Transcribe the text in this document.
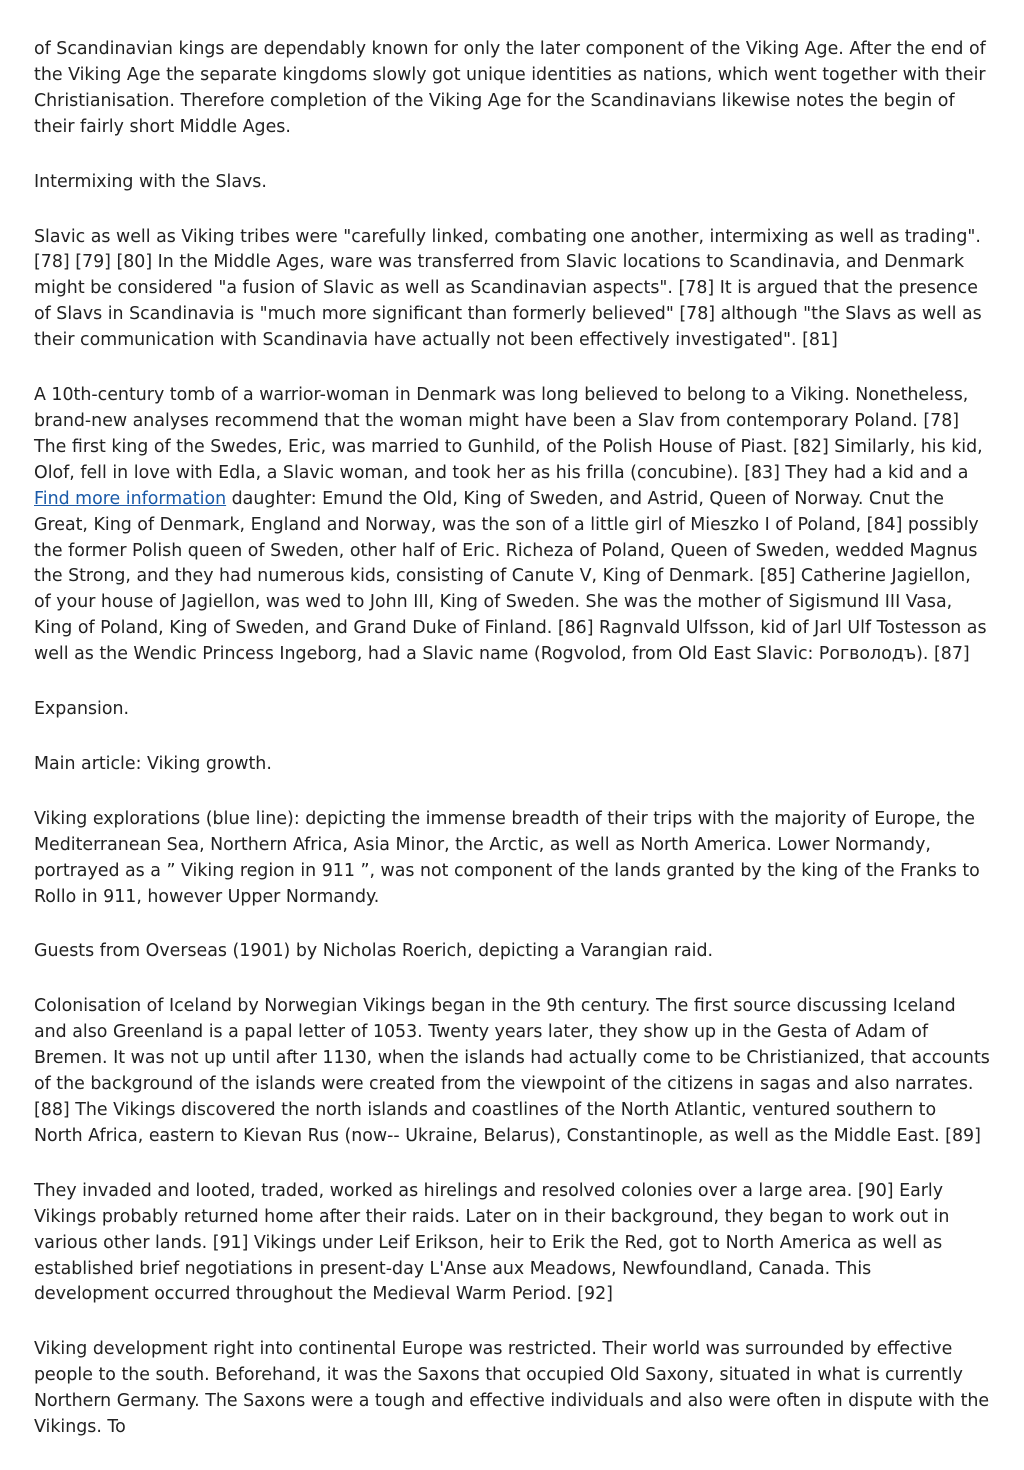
of Scandinavian kings are dependably known for only the later component of the Viking Age. After the end of the Viking Age the separate kingdoms slowly got unique identities as nations, which went together with their Christianisation. Therefore completion of the Viking Age for the Scandinavians likewise notes the begin of their fairly short Middle Ages.

Intermixing with the Slavs.

Slavic as well as Viking tribes were "carefully linked, combating one another, intermixing as well as trading". [78] [79] [80] In the Middle Ages, ware was transferred from Slavic locations to Scandinavia, and Denmark might be considered "a fusion of Slavic as well as Scandinavian aspects". [78] It is argued that the presence of Slavs in Scandinavia is "much more significant than formerly believed" [78] although "the Slavs as well as their communication with Scandinavia have actually not been effectively investigated". [81]

A 10th-century tomb of a warrior-woman in Denmark was long believed to belong to a Viking. Nonetheless, brand-new analyses recommend that the woman might have been a Slav from contemporary Poland. [78] The first king of the Swedes, Eric, was married to Gunhild, of the Polish House of Piast. [82] Similarly, his kid, Olof, fell in love with Edla, a Slavic woman, and took her as his frilla (concubine). [83] They had a kid and a Find more information daughter: Emund the Old, King of Sweden, and Astrid, Queen of Norway. Cnut the Great, King of Denmark, England and Norway, was the son of a little girl of Mieszko I of Poland, [84] possibly the former Polish queen of Sweden, other half of Eric. Richeza of Poland, Queen of Sweden, wedded Magnus the Strong, and they had numerous kids, consisting of Canute V, King of Denmark. [85] Catherine Jagiellon, of your house of Jagiellon, was wed to John III, King of Sweden. She was the mother of Sigismund III Vasa, King of Poland, King of Sweden, and Grand Duke of Finland. [86] Ragnvald Ulfsson, kid of Jarl Ulf Tostesson as well as the Wendic Princess Ingeborg, had a Slavic name (Rogvolod, from Old East Slavic: Рогволодъ). [87]

Expansion.

Main article: Viking growth.

Viking explorations (blue line): depicting the immense breadth of their trips with the majority of Europe, the Mediterranean Sea, Northern Africa, Asia Minor, the Arctic, as well as North America. Lower Normandy, portrayed as a ” Viking region in 911 ”, was not component of the lands granted by the king of the Franks to Rollo in 911, however Upper Normandy.

Guests from Overseas (1901) by Nicholas Roerich, depicting a Varangian raid.

Colonisation of Iceland by Norwegian Vikings began in the 9th century. The first source discussing Iceland and also Greenland is a papal letter of 1053. Twenty years later, they show up in the Gesta of Adam of Bremen. It was not up until after 1130, when the islands had actually come to be Christianized, that accounts of the background of the islands were created from the viewpoint of the citizens in sagas and also narrates. [88] The Vikings discovered the north islands and coastlines of the North Atlantic, ventured southern to North Africa, eastern to Kievan Rus (now-- Ukraine, Belarus), Constantinople, as well as the Middle East. [89]

They invaded and looted, traded, worked as hirelings and resolved colonies over a large area. [90] Early Vikings probably returned home after their raids. Later on in their background, they began to work out in various other lands. [91] Vikings under Leif Erikson, heir to Erik the Red, got to North America as well as established brief negotiations in present-day L'Anse aux Meadows, Newfoundland, Canada. This development occurred throughout the Medieval Warm Period. [92]

Viking development right into continental Europe was restricted. Their world was surrounded by effective people to the south. Beforehand, it was the Saxons that occupied Old Saxony, situated in what is currently Northern Germany. The Saxons were a tough and effective individuals and also were often in dispute with the Vikings. To
